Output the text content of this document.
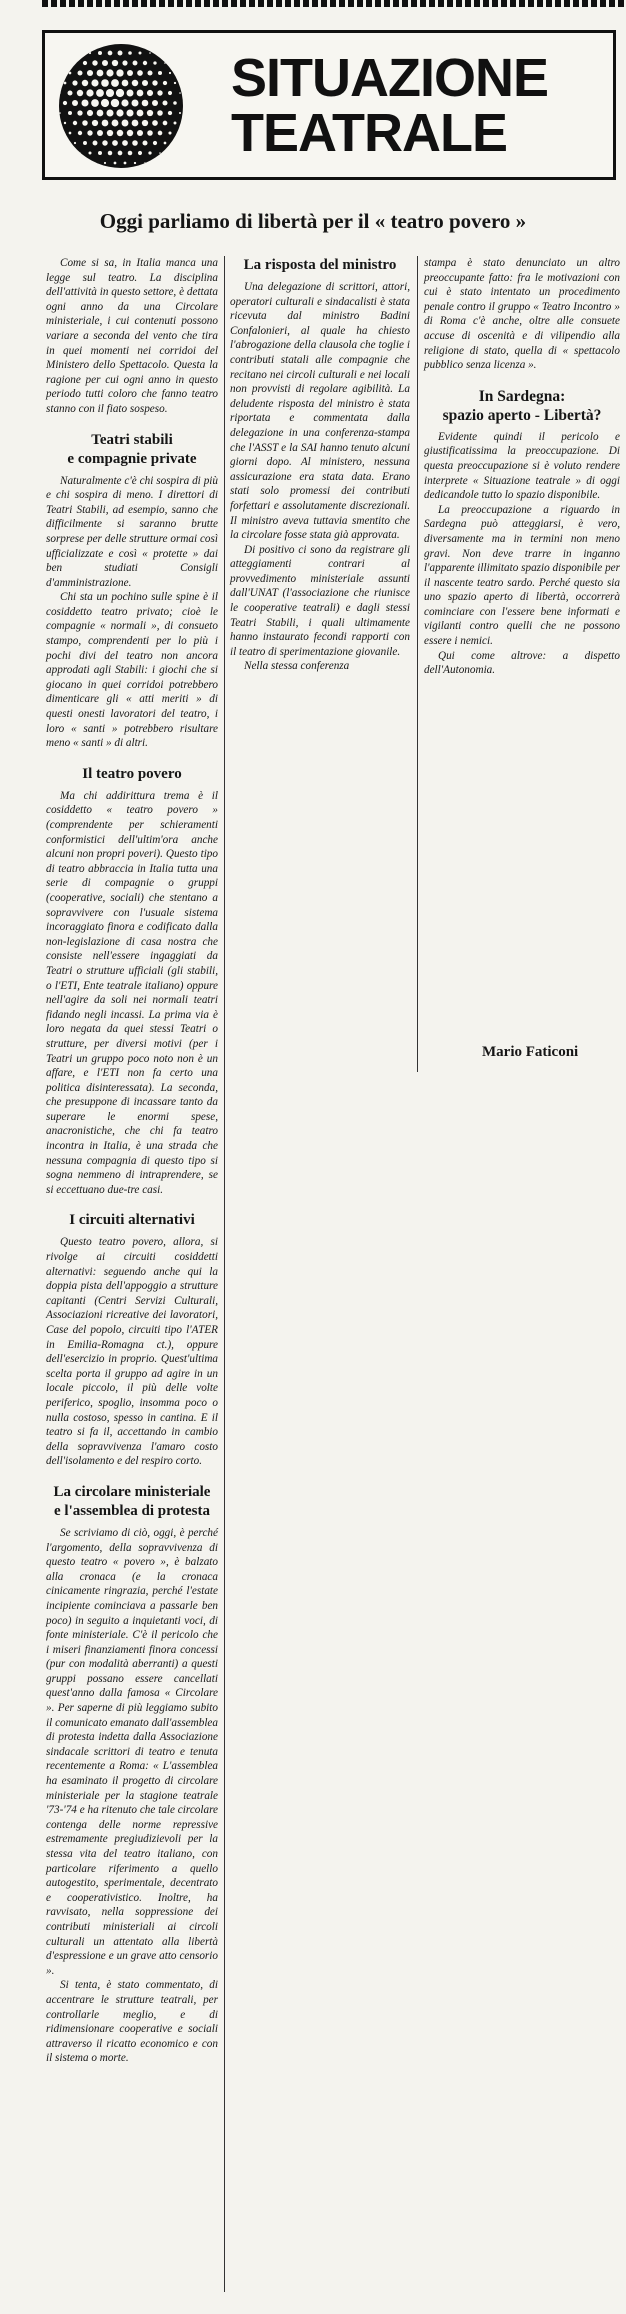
SITUAZIONE
TEATRALE
Oggi parliamo di libertà per il « teatro povero »

Come si sa, in Italia manca una legge sul teatro. La disciplina dell'attività in questo settore, è dettata ogni anno da una Circolare ministeriale, i cui contenuti possono variare a seconda del vento che tira in quei momenti nei corridoi del Ministero dello Spettacolo. Questa la ragione per cui ogni anno in questo periodo tutti coloro che fanno teatro stanno con il fiato sospeso.

Teatri stabili
e compagnie private

Naturalmente c'è chi sospira di più e chi sospira di meno. I direttori di Teatri Stabili, ad esempio, sanno che difficilmente si saranno brutte sorprese per delle strutture ormai così ufficializzate e così « protette » dai ben studiati Consigli d'amministrazione.

Chi sta un pochino sulle spine è il cosiddetto teatro privato; cioè le compagnie « normali », di consueto stampo, comprendenti per lo più i pochi divi del teatro non ancora approdati agli Stabili: i giochi che si giocano in quei corridoi potrebbero dimenticare gli « atti meriti » di questi onesti lavoratori del teatro, i loro « santi » potrebbero risultare meno « santi » di altri.

Il teatro povero

Ma chi addirittura trema è il cosiddetto « teatro povero » (comprendente per schieramenti conformistici dell'ultim'ora anche alcuni non propri poveri). Questo tipo di teatro abbraccia in Italia tutta una serie di compagnie o gruppi (cooperative, sociali) che stentano a sopravvivere con l'usuale sistema incoraggiato finora e codificato dalla non-legislazione di casa nostra che consiste nell'essere ingaggiati da Teatri o strutture ufficiali (gli stabili, o l'ETI, Ente teatrale italiano) oppure nell'agire da soli nei normali teatri fidando negli incassi. La prima via è loro negata da quei stessi Teatri o strutture, per diversi motivi (per i Teatri un gruppo poco noto non è un affare, e l'ETI non fa certo una politica disinteressata). La seconda, che presuppone di incassare tanto da superare le enormi spese, anacronistiche, che chi fa teatro incontra in Italia, è una strada che nessuna compagnia di questo tipo si sogna nemmeno di intraprendere, se si eccettuano due-tre casi.

I circuiti alternativi

Questo teatro povero, allora, si rivolge ai circuiti cosiddetti alternativi: seguendo anche qui la doppia pista dell'appoggio a strutture capitanti (Centri Servizi Culturali, Associazioni ricreative dei lavoratori, Case del popolo, circuiti tipo l'ATER in Emilia-Romagna ct.), oppure dell'esercizio in proprio. Quest'ultima scelta porta il gruppo ad agire in un locale piccolo, il più delle volte periferico, spoglio, insomma poco o nulla costoso, spesso in cantina. E il teatro si fa il, accettando in cambio della sopravvivenza l'amaro costo dell'isolamento e del respiro corto.

La circolare ministeriale
e l'assemblea di protesta

Se scriviamo di ciò, oggi, è perché l'argomento, della sopravvivenza di questo teatro « povero », è balzato alla cronaca (e la cronaca cinicamente ringrazia, perché l'estate incipiente cominciava a passarle ben poco) in seguito a inquietanti voci, di fonte ministeriale. C'è il pericolo che i miseri finanziamenti finora concessi (pur con modalità aberranti) a questi gruppi possano essere cancellati quest'anno dalla famosa « Circolare ». Per saperne di più leggiamo subito il comunicato emanato dall'assemblea di protesta indetta dalla Associazione sindacale scrittori di teatro e tenuta recentemente a Roma: « L'assemblea ha esaminato il progetto di circolare ministeriale per la stagione teatrale '73-'74 e ha ritenuto che tale circolare contenga delle norme repressive estremamente pregiudizievoli per la stessa vita del teatro italiano, con particolare riferimento a quello autogestito, sperimentale, decentrato e cooperativistico. Inoltre, ha ravvisato, nella soppressione dei contributi ministeriali ai circoli culturali un attentato alla libertà d'espressione e un grave atto censorio ».

Si tenta, è stato commentato, di accentrare le strutture teatrali, per controllarle meglio, e di ridimensionare cooperative e sociali attraverso il ricatto economico e con il sistema o morte.

La risposta del ministro

Una delegazione di scrittori, attori, operatori culturali e sindacalisti è stata ricevuta dal ministro Badini Confalonieri, al quale ha chiesto l'abrogazione della clausola che toglie i contributi statali alle compagnie che recitano nei circoli culturali e nei locali non provvisti di regolare agibilità. La deludente risposta del ministro è stata riportata e commentata dalla delegazione in una conferenza-stampa che l'ASST e la SAI hanno tenuto alcuni giorni dopo. Al ministero, nessuna assicurazione era stata data. Erano stati solo promessi dei contributi forfettari e assolutamente discrezionali. Il ministro aveva tuttavia smentito che la circolare fosse stata già approvata.

Di positivo ci sono da registrare gli atteggiamenti contrari al provvedimento ministeriale assunti dall'UNAT (l'associazione che riunisce le cooperative teatrali) e dagli stessi Teatri Stabili, i quali ultimamente hanno instaurato fecondi rapporti con il teatro di sperimentazione giovanile.

Nella stessa conferenza

stampa è stato denunciato un altro preoccupante fatto: fra le motivazioni con cui è stato intentato un procedimento penale contro il gruppo « Teatro Incontro » di Roma c'è anche, oltre alle consuete accuse di oscenità e di vilipendio alla religione di stato, quella di « spettacolo pubblico senza licenza ».

In Sardegna:
spazio aperto - Libertà?

Evidente quindi il pericolo e giustificatissima la preoccupazione. Di questa preoccupazione si è voluto rendere interprete « Situazione teatrale » di oggi dedicandole tutto lo spazio disponibile.

La preoccupazione a riguardo in Sardegna può atteggiarsi, è vero, diversamente ma in termini non meno gravi. Non deve trarre in inganno l'apparente illimitato spazio disponibile per il nascente teatro sardo. Perché questo sia uno spazio aperto di libertà, occorrerà cominciare con l'essere bene informati e vigilanti contro quelli che ne possono essere i nemici.

Qui come altrove: a dispetto dell'Autonomia.

Mario Faticoni
